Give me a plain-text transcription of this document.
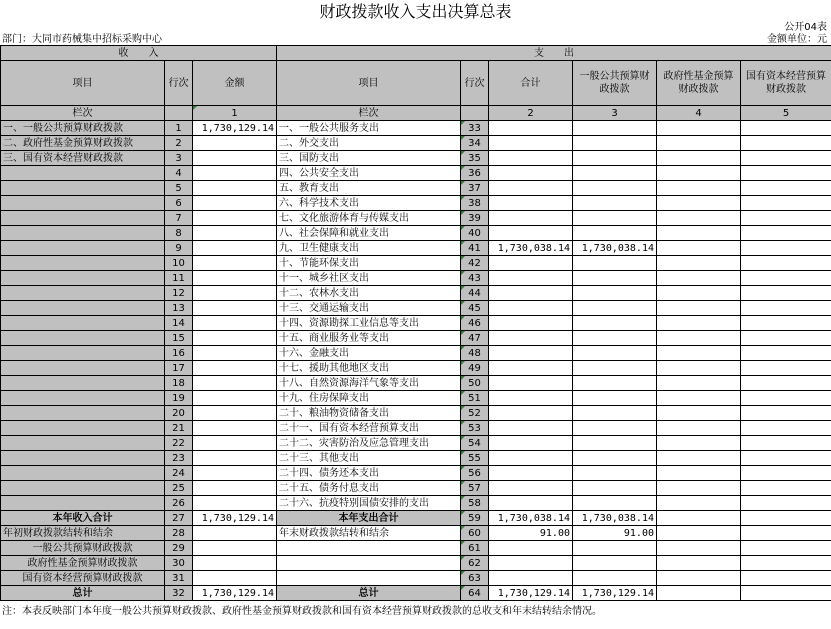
财政拨款收入支出决算总表
公开04表
部门：大同市药械集中招标采购中心	金额单位：元
收　　入			支　　出					
项目	行次	金额	项目	行次	合计	一般公共预算财政拨款	政府性基金预算财政拨款	国有资本经营预算财政拨款
栏次		1	栏次		2	3	4	5
一、一般公共预算财政拨款	1	1,730,129.14	一、一般公共服务支出	33				
二、政府性基金预算财政拨款	2		二、外交支出	34				
三、国有资本经营财政拨款	3		三、国防支出	35				
	4		四、公共安全支出	36				
	5		五、教育支出	37				
	6		六、科学技术支出	38				
	7		七、文化旅游体育与传媒支出	39				
	8		八、社会保障和就业支出	40				
	9		九、卫生健康支出	41	1,730,038.14	1,730,038.14		
	10		十、节能环保支出	42				
	11		十一、城乡社区支出	43				
	12		十二、农林水支出	44				
	13		十三、交通运输支出	45				
	14		十四、资源勘探工业信息等支出	46				
	15		十五、商业服务业等支出	47				
	16		十六、金融支出	48				
	17		十七、援助其他地区支出	49				
	18		十八、自然资源海洋气象等支出	50				
	19		十九、住房保障支出	51				
	20		二十、粮油物资储备支出	52				
	21		二十一、国有资本经营预算支出	53				
	22		二十二、灾害防治及应急管理支出	54				
	23		二十三、其他支出	55				
	24		二十四、债务还本支出	56				
	25		二十五、债务付息支出	57				
	26		二十六、抗疫特别国债安排的支出	58				
本年收入合计	27	1,730,129.14	本年支出合计	59	1,730,038.14	1,730,038.14		
年初财政拨款结转和结余	28		年末财政拨款结转和结余	60	91.00	91.00		
一般公共预算财政拨款	29			61				
政府性基金预算财政拨款	30			62				
国有资本经营预算财政拨款	31			63				
总计	32	1,730,129.14	总计	64	1,730,129.14	1,730,129.14		
注：本表反映部门本年度一般公共预算财政拨款、政府性基金预算财政拨款和国有资本经营预算财政拨款的总收支和年末结转结余情况。
